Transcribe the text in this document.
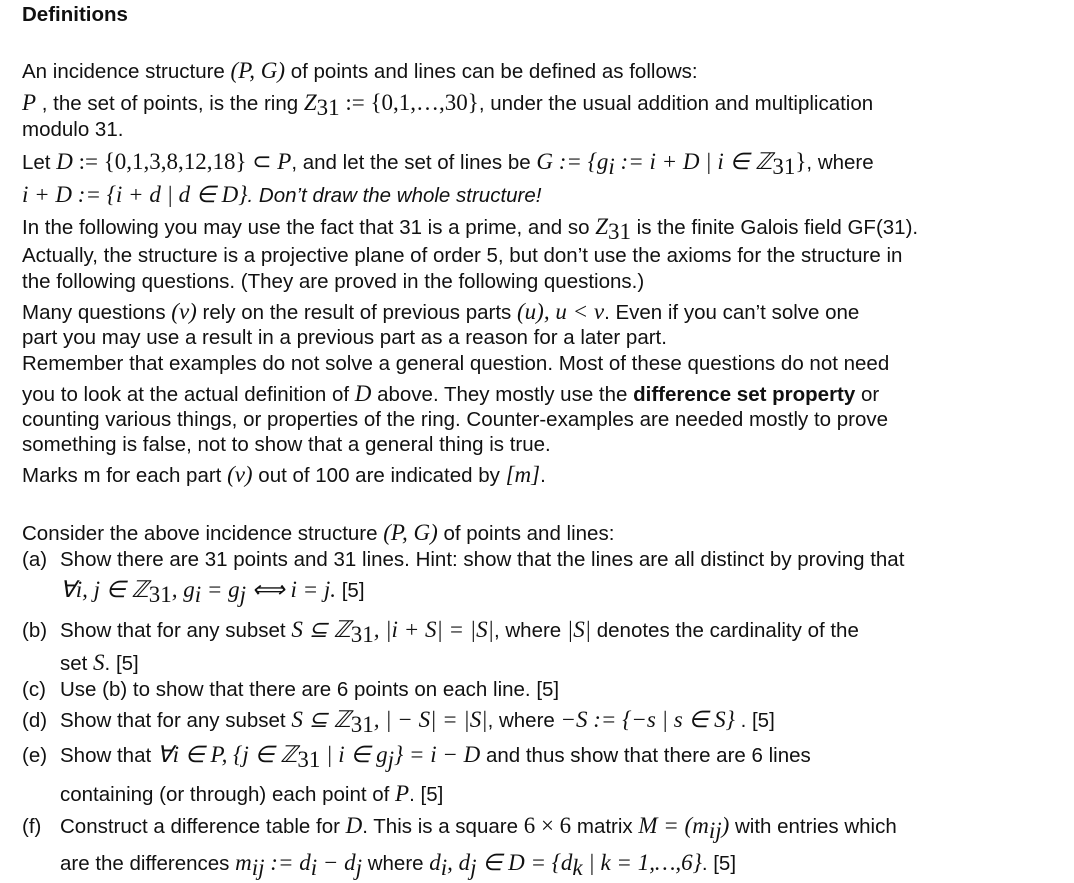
Definitions
An incidence structure (P, G) of points and lines can be defined as follows:
P , the set of points, is the ring $Z_{31}$ := {0,1,…,30}, under the usual addition and multiplication
modulo 31.
Let D := {0,1,3,8,12,18} ⊂ P, and let the set of lines be G := {$g_i$ := i + D | i ∈ ℤ$_{31}$}, where
i + D := {i + d | d ∈ D}. Don’t draw the whole structure!
In the following you may use the fact that 31 is a prime, and so $Z_{31}$ is the finite Galois field GF(31).
Actually, the structure is a projective plane of order 5, but don’t use the axioms for the structure in
the following questions. (They are proved in the following questions.)
Many questions (v) rely on the result of previous parts (u), u < v. Even if you can’t solve one
part you may use a result in a previous part as a reason for a later part.
Remember that examples do not solve a general question. Most of these questions do not need
you to look at the actual definition of D above. They mostly use the difference set property or
counting various things, or properties of the ring. Counter-examples are needed mostly to prove
something is false, not to show that a general thing is true.
Marks m for each part (v) out of 100 are indicated by [m].
Consider the above incidence structure (P, G) of points and lines:
(a) Show there are 31 points and 31 lines. Hint: show that the lines are all distinct by proving that
∀i, j ∈ ℤ$_{31}$, $g_i = g_j$ ⟺ i = j. [5]
(b) Show that for any subset S ⊆ ℤ$_{31}$, |i + S| = |S|, where |S| denotes the cardinality of the
set S. [5]
(c) Use (b) to show that there are 6 points on each line. [5]
(d) Show that for any subset S ⊆ ℤ$_{31}$, | − S| = |S|, where −S := {−s | s ∈ S} . [5]
(e) Show that ∀i ∈ P, {j ∈ ℤ$_{31}$ | i ∈ $g_j\} = i - D$ and thus show that there are 6 lines
containing (or through) each point of P. [5]
(f) Construct a difference table for D. This is a square 6 × 6 matrix $M = (m_{ij})$ with entries which
are the differences $m_{ij}$ := $d_i - d_j$ where $d_i$, $d_j$ ∈ $D = \{d_k$ | k = 1,…,6}. [5]
